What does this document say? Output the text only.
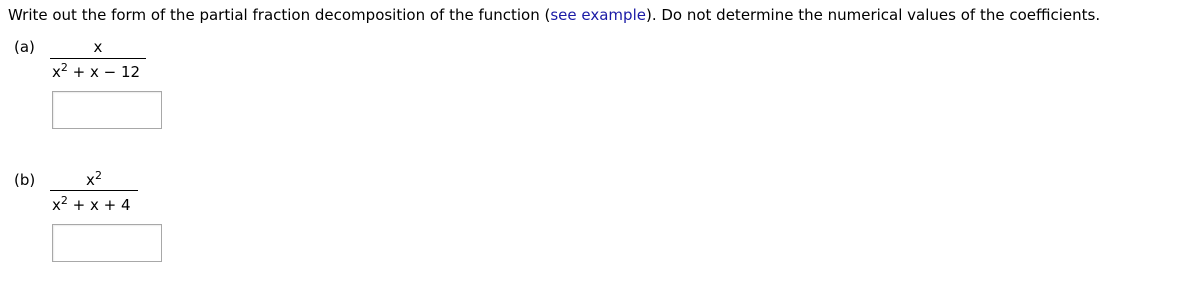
Write out the form of the partial fraction decomposition of the function (see example). Do not determine the numerical values of the coefficients.
(a)	x
$x^2 + x - 12$
(b)	$x^2$
$x^2 + x + 4$
